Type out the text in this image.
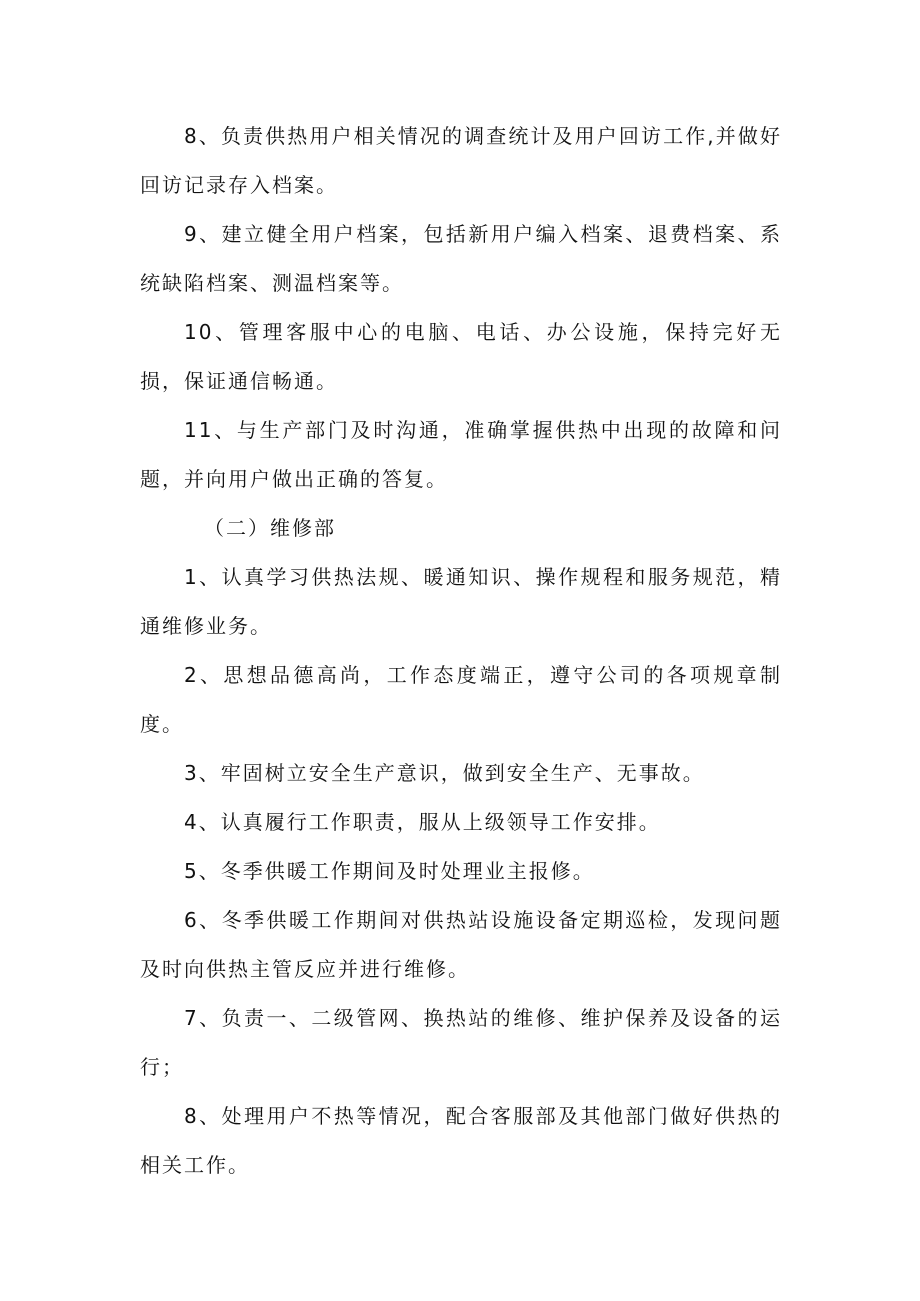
8、负责供热用户相关情况的调查统计及用户回访工作,并做好回访记录存入档案。

9、建立健全用户档案，包括新用户编入档案、退费档案、系统缺陷档案、测温档案等。

10、管理客服中心的电脑、电话、办公设施，保持完好无损，保证通信畅通。

11、与生产部门及时沟通，准确掌握供热中出现的故障和问题，并向用户做出正确的答复。

（二）维修部

1、认真学习供热法规、暖通知识、操作规程和服务规范，精通维修业务。

2、思想品德高尚，工作态度端正，遵守公司的各项规章制度。

3、牢固树立安全生产意识，做到安全生产、无事故。

4、认真履行工作职责，服从上级领导工作安排。

5、冬季供暖工作期间及时处理业主报修。

6、冬季供暖工作期间对供热站设施设备定期巡检，发现问题及时向供热主管反应并进行维修。

7、负责一、二级管网、换热站的维修、维护保养及设备的运行；

8、处理用户不热等情况，配合客服部及其他部门做好供热的相关工作。
